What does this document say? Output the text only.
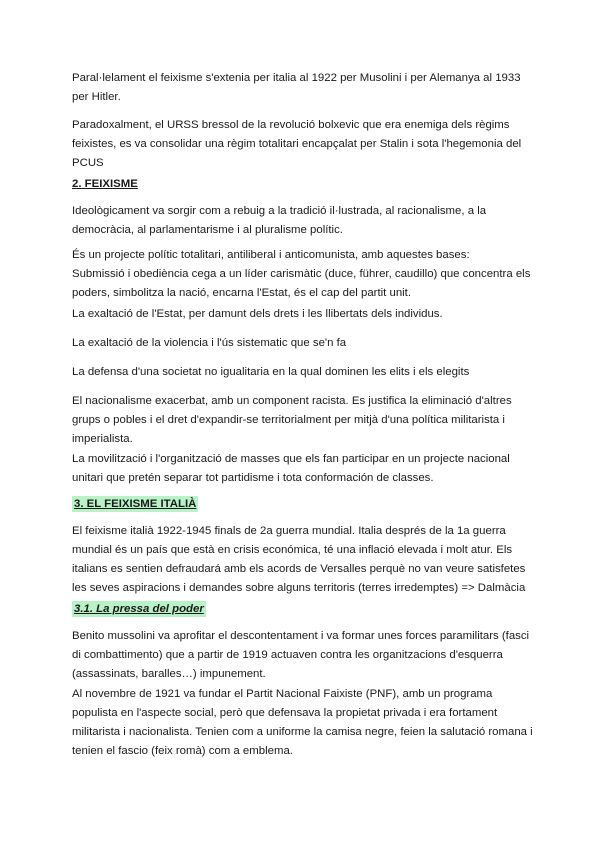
Paral·lelament el feixisme s'extenia per italia al 1922 per Musolini i per Alemanya al 1933
per Hitler.

Paradoxalment, el URSS bressol de la revolució bolxevic que era enemiga dels règims
feixistes, es va consolidar una règim totalitari encapçalat per Stalin i sota l'hegemonia del
PCUS

2. FEIXISME

Ideològicament va sorgir com a rebuig a la tradició il·lustrada, al racionalisme, a la
democràcia, al parlamentarisme i al pluralisme polític.

És un projecte polític totalitari, antiliberal i anticomunista, amb aquestes bases:
Submissió i obediència cega a un líder carismàtic (duce, führer, caudillo) que concentra els
poders, simbolitza la nació, encarna l'Estat, és el cap del partit unit.

La exaltació de l'Estat, per damunt dels drets i les llibertats dels individus.

La exaltació de la violencia i l'ús sistematic que se'n fa

La defensa d'una societat no igualitaria en la qual dominen les elits i els elegits

El nacionalisme exacerbat, amb un component racista. Es justifica la eliminació d'altres
grups o pobles i el dret d'expandir-se territorialment per mitjà d'una política militarista i
imperialista.

La movilització i l'organització de masses que els fan participar en un projecte nacional
unitari que pretén separar tot partidisme i tota conformación de classes.

3. EL FEIXISME ITALIÀ

El feixisme italià 1922-1945 finals de 2a guerra mundial. Italia després de la 1a guerra
mundial és un país que està en crisis económica, té una inflació elevada i molt atur. Els
italians es sentien defraudará amb els acords de Versalles perquè no van veure satisfetes
les seves aspiracions i demandes sobre alguns territoris (terres irredemptes) => Dalmàcia

3.1. La pressa del poder

Benito mussolini va aprofitar el descontentament i va formar unes forces paramilitars (fasci
di combattimento) que a partir de 1919 actuaven contra les organitzacions d'esquerra
(assassinats, baralles…) impunement.

Al novembre de 1921 va fundar el Partit Nacional Faixiste (PNF), amb un programa
populista en l'aspecte social, però que defensava la propietat privada i era fortament
militarista i nacionalista. Tenien com a uniforme la camisa negre, feien la salutació romana i
tenien el fascio (feix romà) com a emblema.
